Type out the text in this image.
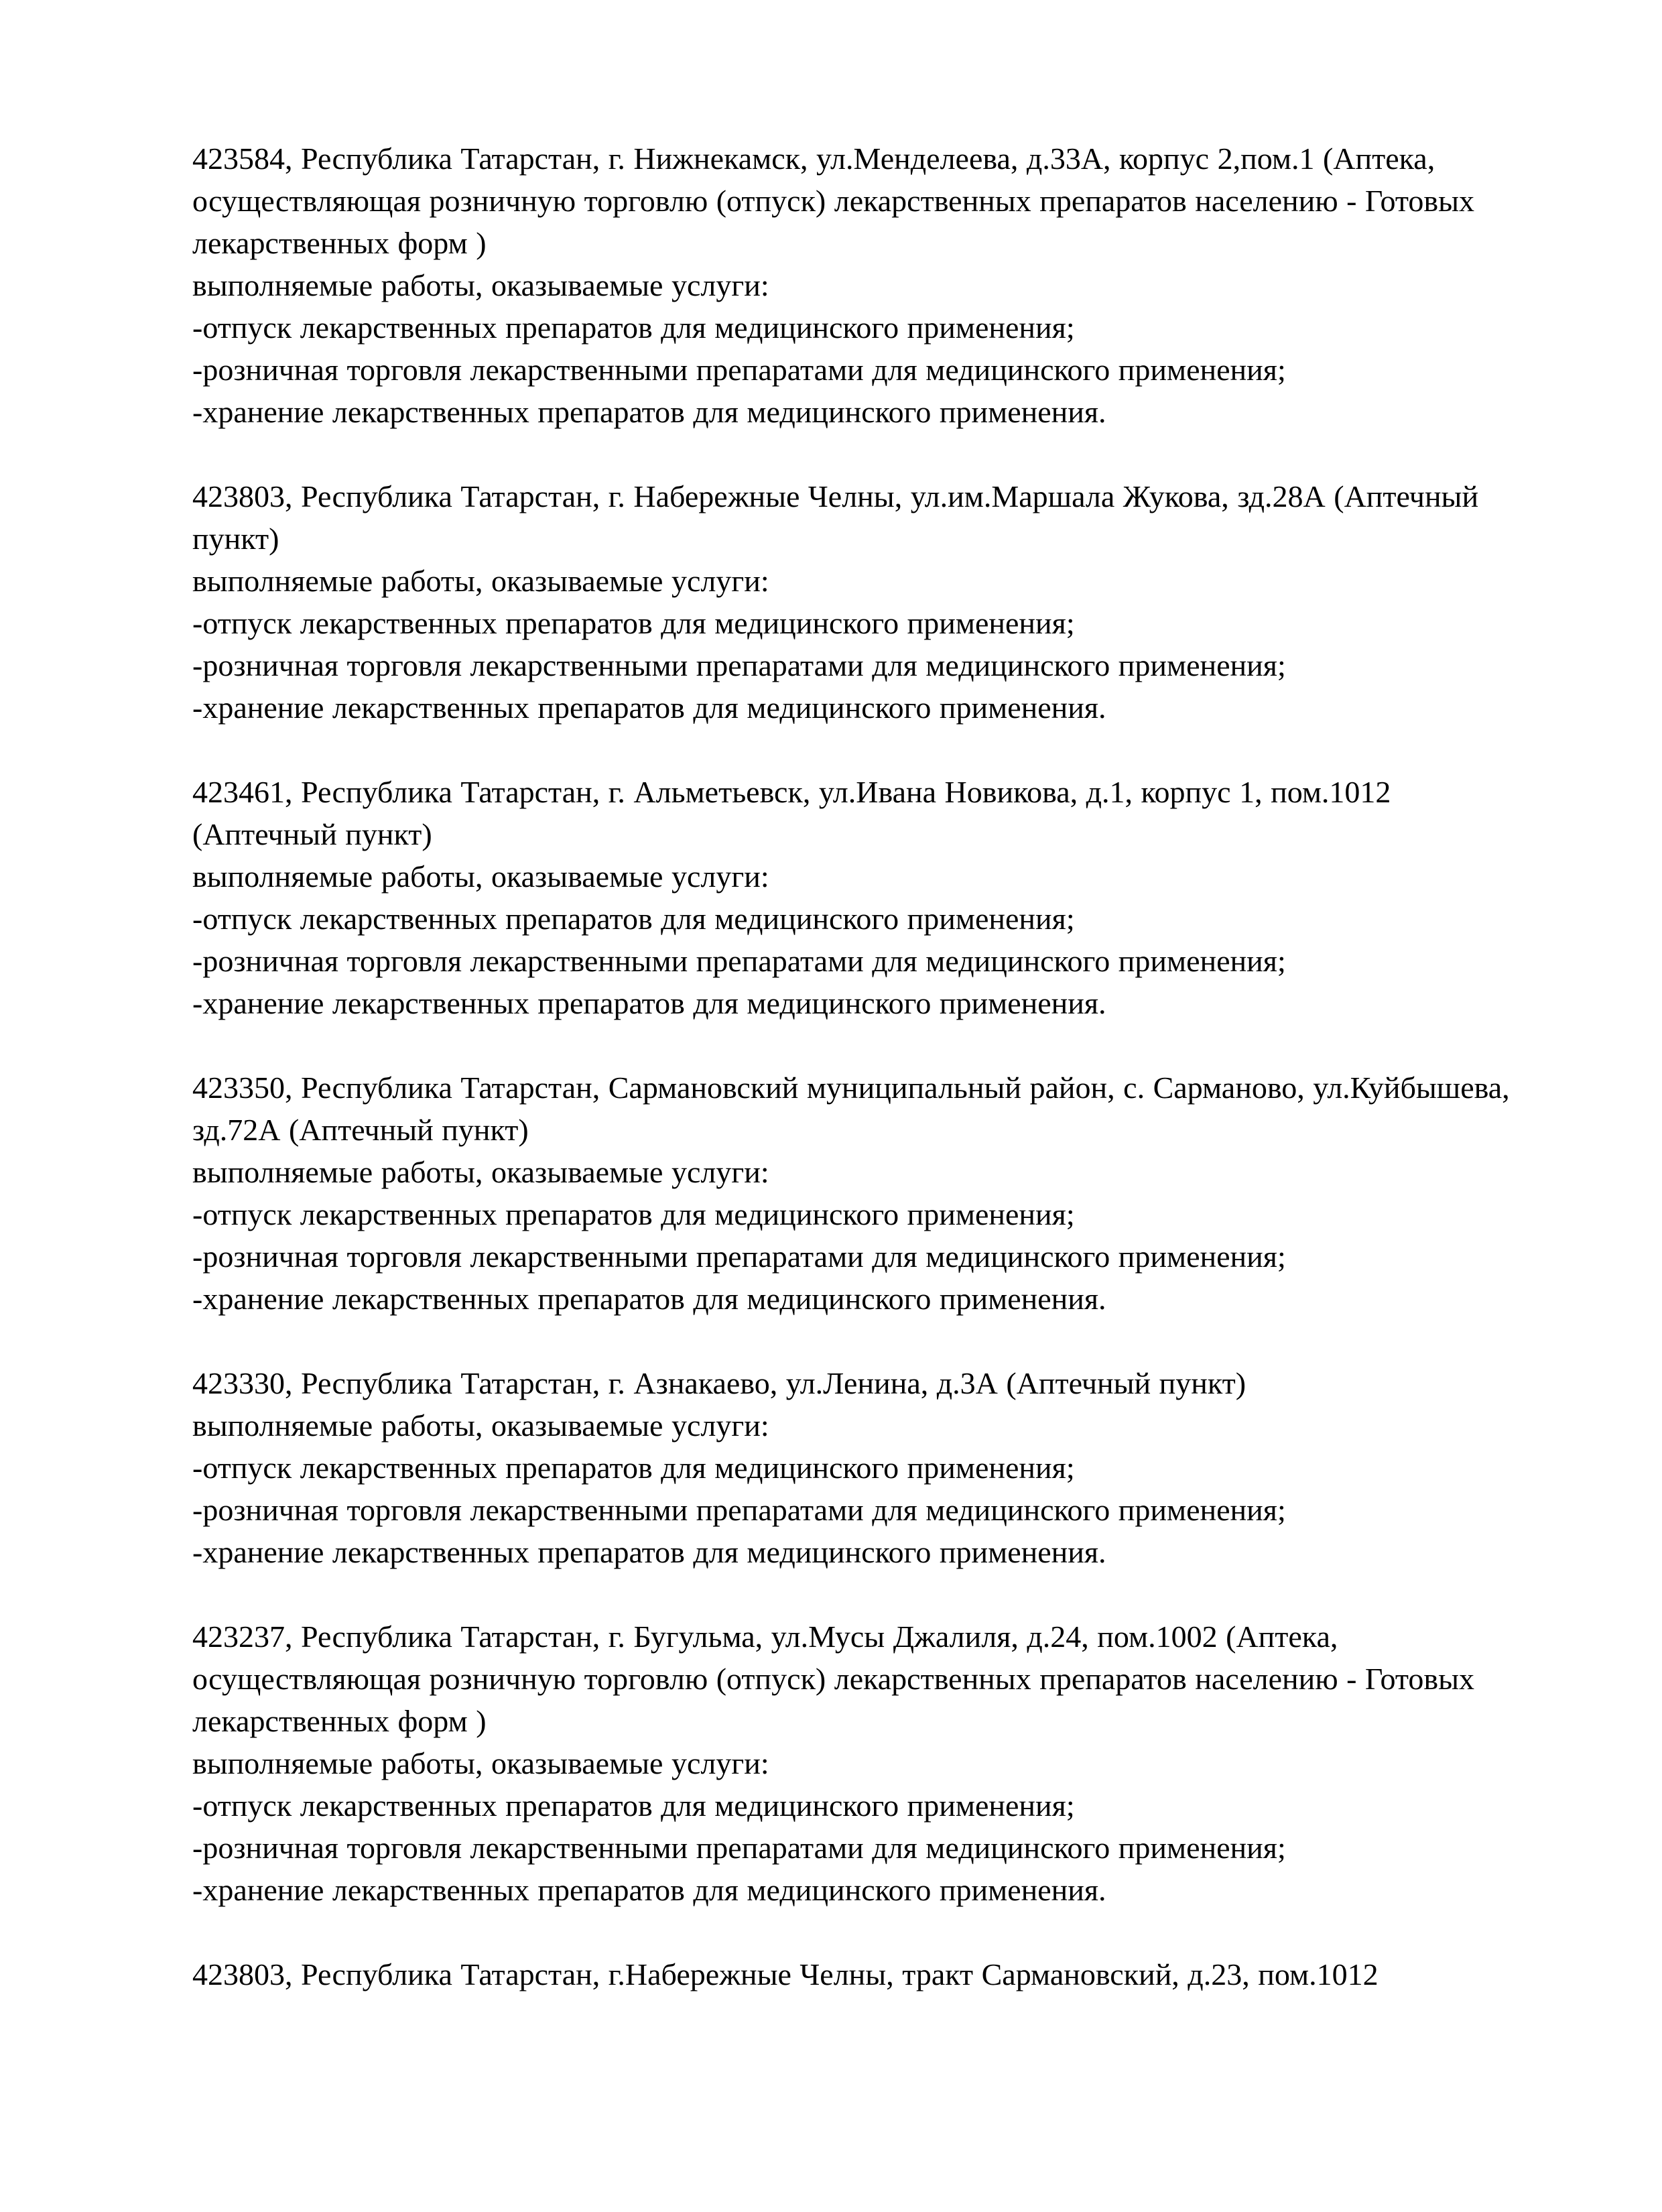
423584, Республика Татарстан, г. Нижнекамск, ул.Менделеева, д.33А, корпус 2,пом.1 (Аптека, осуществляющая розничную торговлю (отпуск) лекарственных препаратов населению - Готовых лекарственных форм )

выполняемые работы, оказываемые услуги:

-отпуск лекарственных препаратов для медицинского применения;

-розничная торговля лекарственными препаратами для медицинского применения;

-хранение лекарственных препаратов для медицинского применения.

423803, Республика Татарстан, г. Набережные Челны, ул.им.Маршала Жукова, зд.28А (Аптечный пункт)

выполняемые работы, оказываемые услуги:

-отпуск лекарственных препаратов для медицинского применения;

-розничная торговля лекарственными препаратами для медицинского применения;

-хранение лекарственных препаратов для медицинского применения.

423461, Республика Татарстан, г. Альметьевск, ул.Ивана Новикова, д.1, корпус 1, пом.1012 (Аптечный пункт)

выполняемые работы, оказываемые услуги:

-отпуск лекарственных препаратов для медицинского применения;

-розничная торговля лекарственными препаратами для медицинского применения;

-хранение лекарственных препаратов для медицинского применения.

423350, Республика Татарстан, Сармановский муниципальный район, с. Сарманово, ул.Куйбышева, зд.72А (Аптечный пункт)

выполняемые работы, оказываемые услуги:

-отпуск лекарственных препаратов для медицинского применения;

-розничная торговля лекарственными препаратами для медицинского применения;

-хранение лекарственных препаратов для медицинского применения.

423330, Республика Татарстан, г. Азнакаево, ул.Ленина, д.3А (Аптечный пункт)

выполняемые работы, оказываемые услуги:

-отпуск лекарственных препаратов для медицинского применения;

-розничная торговля лекарственными препаратами для медицинского применения;

-хранение лекарственных препаратов для медицинского применения.

423237, Республика Татарстан, г. Бугульма, ул.Мусы Джалиля, д.24, пом.1002 (Аптека, осуществляющая розничную торговлю (отпуск) лекарственных препаратов населению - Готовых лекарственных форм )

выполняемые работы, оказываемые услуги:

-отпуск лекарственных препаратов для медицинского применения;

-розничная торговля лекарственными препаратами для медицинского применения;

-хранение лекарственных препаратов для медицинского применения.

423803, Республика Татарстан, г.Набережные Челны, тракт Сармановский, д.23, пом.1012
